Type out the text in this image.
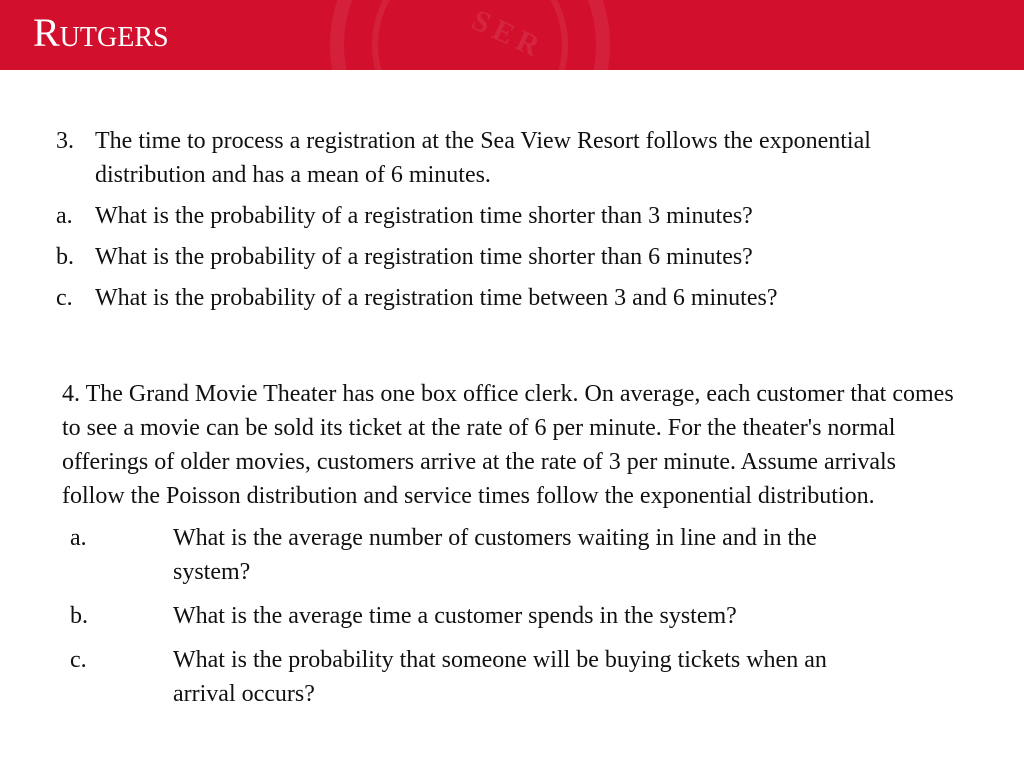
SER
Rutgers
3. The time to process a registration at the Sea View Resort follows the exponential distribution and has a mean of 6 minutes.
a. What is the probability of a registration time shorter than 3 minutes?
b. What is the probability of a registration time shorter than 6 minutes?
c. What is the probability of a registration time between 3 and 6 minutes?

4. The Grand Movie Theater has one box office clerk. On average, each customer that comes to see a movie can be sold its ticket at the rate of 6 per minute. For the theater's normal offerings of older movies, customers arrive at the rate of 3 per minute. Assume arrivals follow the Poisson distribution and service times follow the exponential distribution.

a.	What is the average number of customers waiting in line and in the system?
b.	What is the average time a customer spends in the system?
c.	What is the probability that someone will be buying tickets when an arrival occurs?
